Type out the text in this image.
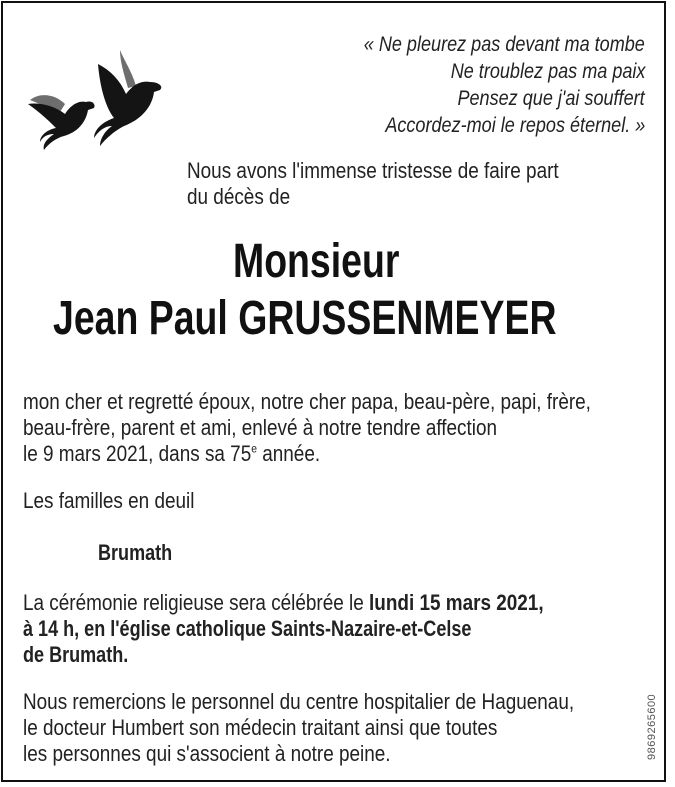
« Ne pleurez pas devant ma tombe
Ne troublez pas ma paix
Pensez que j'ai souffert
Accordez-moi le repos éternel. »
Nous avons l'immense tristesse de faire part
du décès de
Monsieur
Jean Paul GRUSSENMEYER
mon cher et regretté époux, notre cher papa, beau-père, papi, frère,
beau-frère, parent et ami, enlevé à notre tendre affection
le 9 mars 2021, dans sa 75e année.
Les familles en deuil
Brumath
La cérémonie religieuse sera célébrée le lundi 15 mars 2021,
à 14 h, en l'église catholique Saints-Nazaire-et-Celse
de Brumath.
Nous remercions le personnel du centre hospitalier de Haguenau,
le docteur Humbert son médecin traitant ainsi que toutes
les personnes qui s'associent à notre peine.	9869265600
